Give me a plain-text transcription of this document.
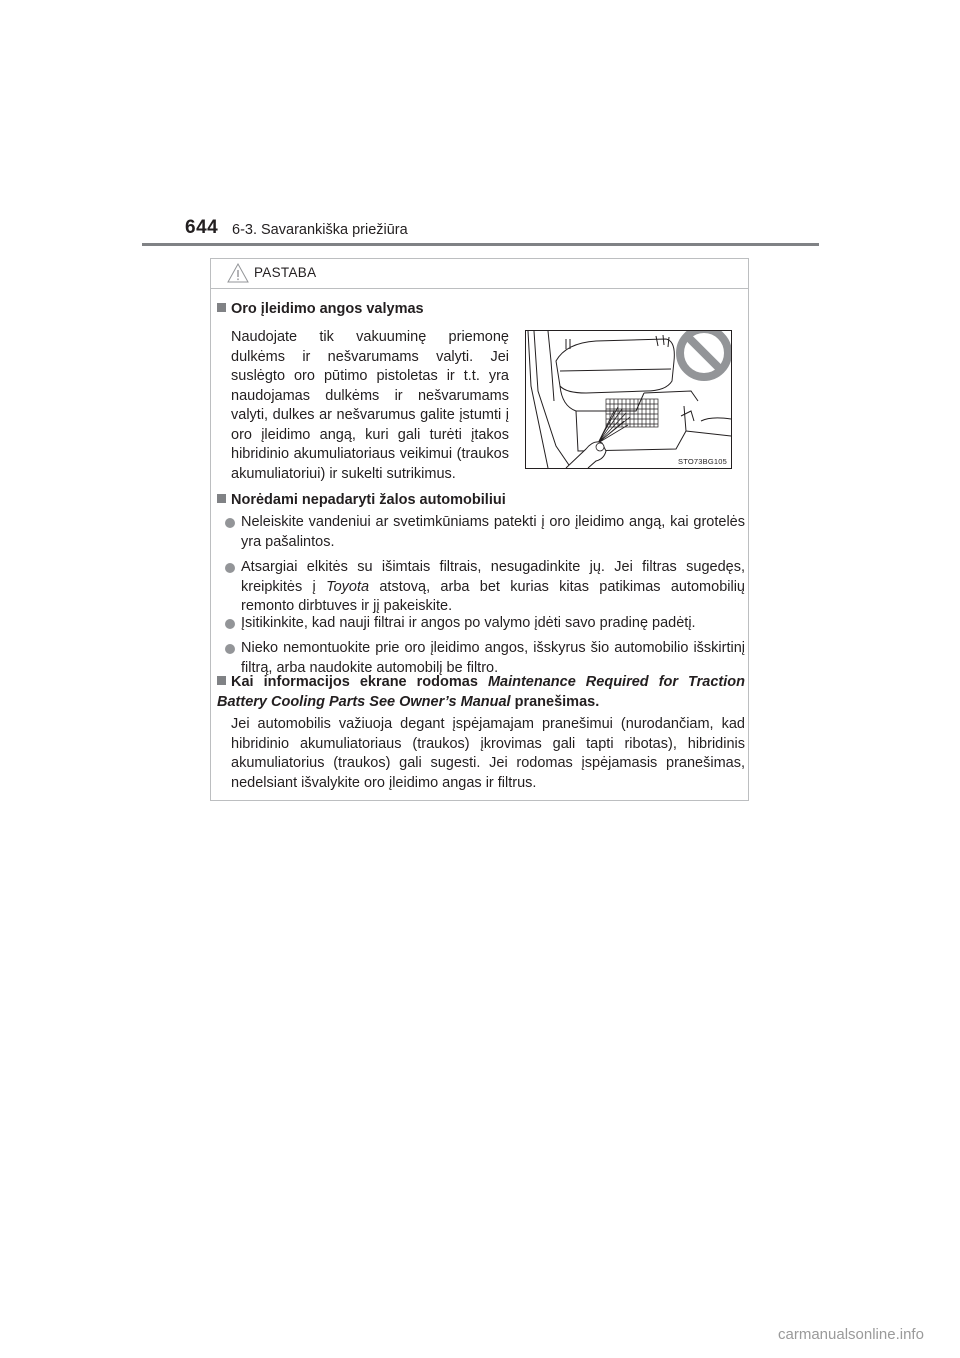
644 6-3. Savarankiška priežiūra
PASTABA
Oro įleidimo angos valymas
Naudojate tik vakuuminę priemonę dulkėms ir nešvarumams valyti. Jei suslėgto oro pūtimo pistoletas ir t.t. yra naudojamas dulkėms ir nešvarumams valyti, dulkes ar nešvarumus galite įstumti į oro įleidimo angą, kuri gali turėti įtakos hibridinio akumuliatoriaus veikimui (traukos akumuliatoriui) ir sukelti sutrikimus.
STO73BG105
Norėdami nepadaryti žalos automobiliui
Neleiskite vandeniui ar svetimkūniams patekti į oro įleidimo angą, kai grotelės yra pašalintos.
Atsargiai elkitės su išimtais filtrais, nesugadinkite jų. Jei filtras sugedęs, kreipkitės į Toyota atstovą, arba bet kurias kitas patikimas automobilių remonto dirbtuves ir jį pakeiskite.
Įsitikinkite, kad nauji filtrai ir angos po valymo įdėti savo pradinę padėtį.
Nieko nemontuokite prie oro įleidimo angos, išskyrus šio automobilio išskirtinį filtrą, arba naudokite automobilį be filtro.
Kai informacijos ekrane rodomas Maintenance Required for Traction Battery Cooling Parts See Owner’s Manual pranešimas.
Jei automobilis važiuoja degant įspėjamajam pranešimui (nurodančiam, kad hibridinio akumuliatoriaus (traukos) įkrovimas gali tapti ribotas), hibridinis akumuliatorius (traukos) gali sugesti. Jei rodomas įspėjamasis pranešimas, nedelsiant išvalykite oro įleidimo angas ir filtrus.
carmanualsonline.info
